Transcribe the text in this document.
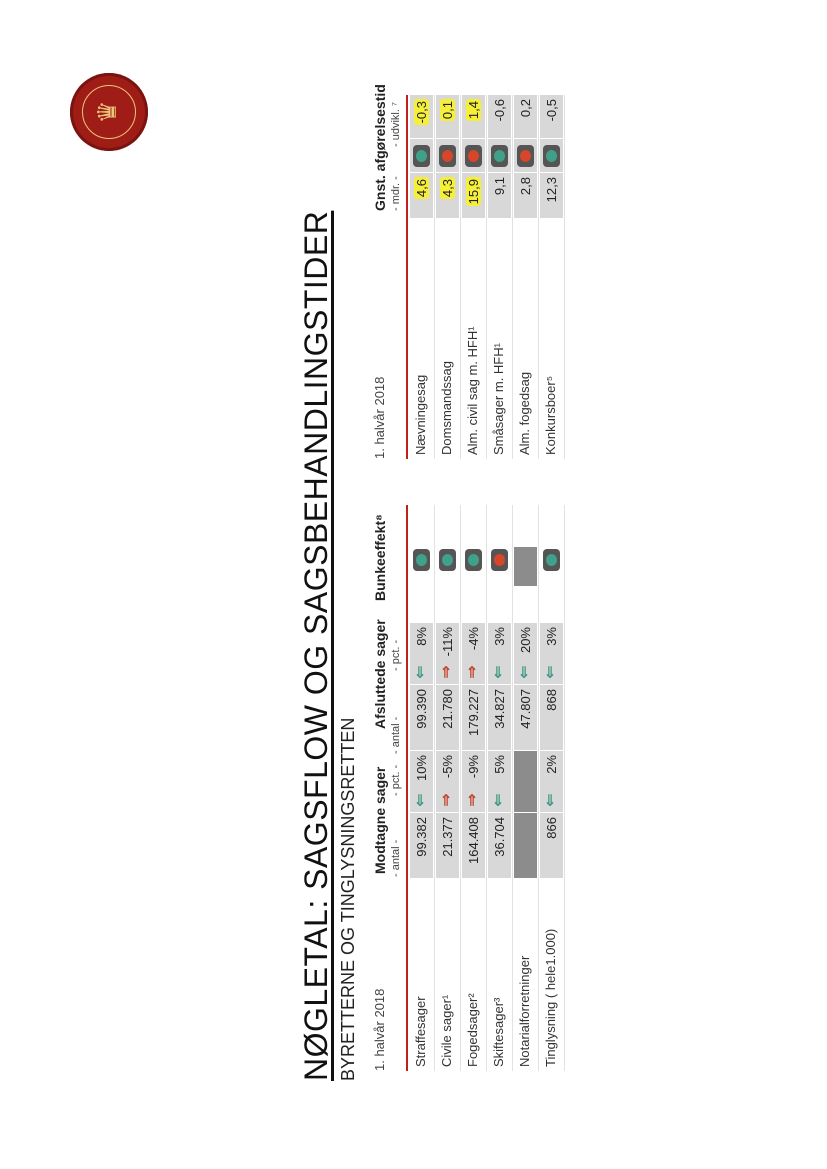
NØGLETAL: SAGSFLOW OG SAGSBEHANDLINGSTIDER BYRETTERNE OG TINGLYSNINGSRETTEN
♛
1. halvår 2018
Modtagne sager
Afsluttede sager
Bunkeeffekt⁸
- antal -
- pct. -
- antal -
- pct. -
Straffesager
99.382
10%
⇐
99.390
8%
⇐
Civile sager¹
21.377
-5%
⇒
21.780
-11%
⇒
Fogedsager²
164.408
-9%
⇒
179.227
-4%
⇒
Skiftesager³
36.704
5%
⇐
34.827
3%
⇐
Notarialforretninger
47.807
20%
⇐
Tinglysning ( hele1.000)
866
2%
⇐
868
3%
⇐
1. halvår 2018
Gnst. afgørelsestid - mdr. -
- udvikl. ⁷
Nævningesag
4,6
-0,3
Domsmandssag
4,3
0,1
Alm. civil sag m. HFH¹
15,9
1,4
Småsager m. HFH¹
9,1
-0,6
Alm. fogedsag
2,8
0,2
Konkursboer⁵
12,3
-0,5
